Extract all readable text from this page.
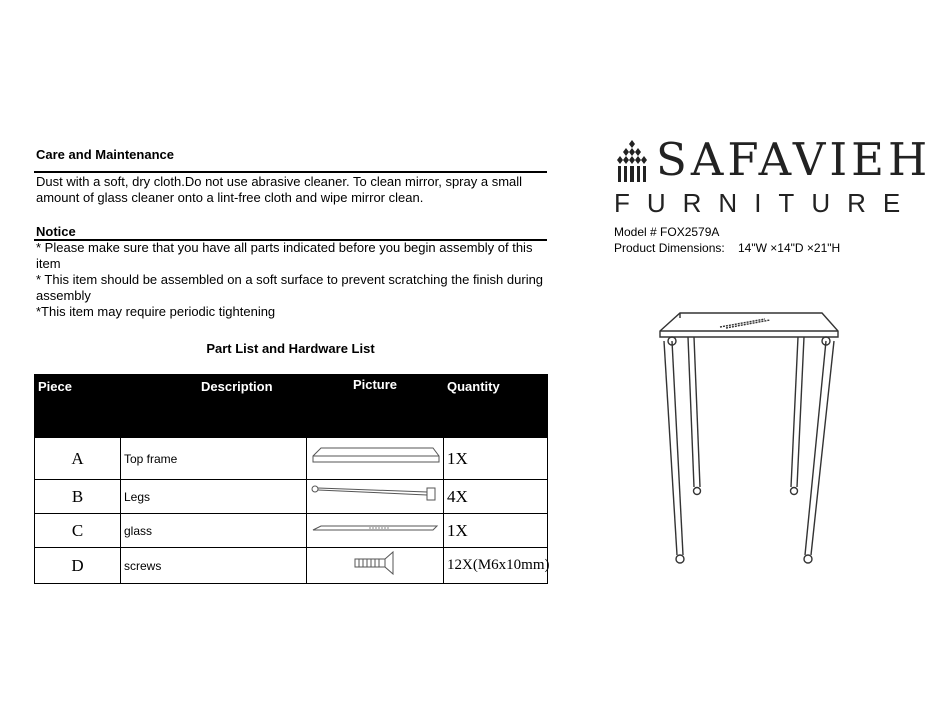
Care and Maintenance
Dust with a soft, dry cloth.Do not use abrasive cleaner. To clean mirror, spray a small amount of glass cleaner onto a lint-free cloth and wipe mirror clean.
Notice
* Please make sure that you have all parts indicated before you begin assembly of this item
* This item should be assembled on a soft surface to prevent scratching the finish during assembly
*This item may require periodic tightening
Part List and Hardware List
Piece	Description	Picture	Quantity
A	Top frame		1X
B	Legs		4X
C	glass		1X
D	screws		12X(M6x10mm)
SAFAVIEH
FURNITURE
Model # FOX2579A
Product Dimensions: 14"W ×14"D ×21"H
